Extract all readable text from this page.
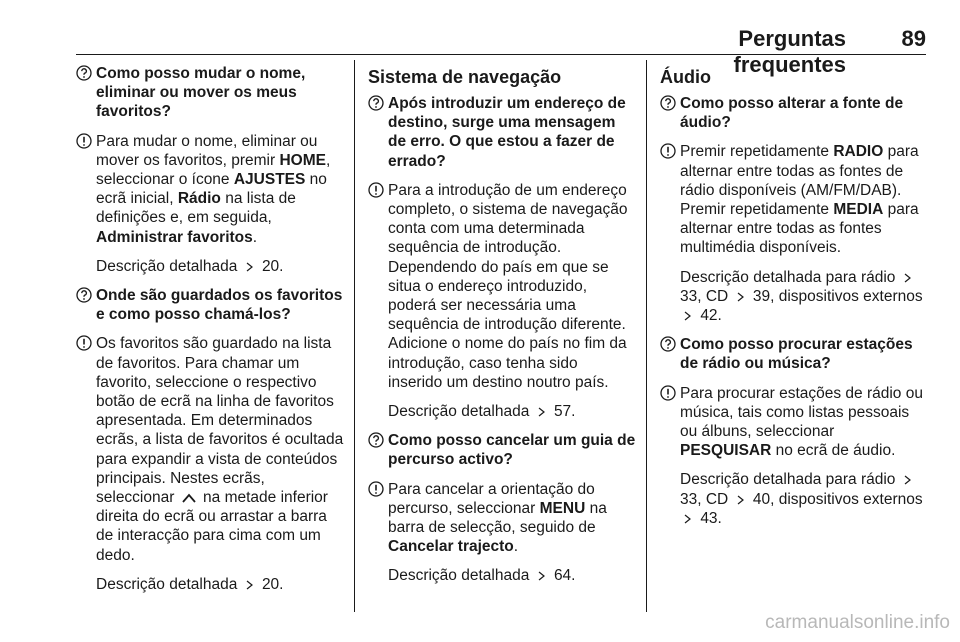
Perguntas frequentes
89
Como posso mudar o nome, eliminar ou mover os meus favoritos?
Para mudar o nome, eliminar ou mover os favoritos, premir HOME, seleccionar o ícone AJUSTES no ecrã inicial, Rádio na lista de definições e, em seguida, Administrar favoritos.
Descrição detalhada  20.
Onde são guardados os favoritos e como posso chamá-los?
Os favoritos são guardado na lista de favoritos. Para chamar um favorito, seleccione o respectivo botão de ecrã na linha de favoritos apresentada. Em determinados ecrãs, a lista de favoritos é ocultada para expandir a vista de conteúdos principais. Nestes ecrãs, seleccionar  na metade inferior direita do ecrã ou arrastar a barra de interacção para cima com um dedo.
Descrição detalhada  20.
Sistema de navegação
Após introduzir um endereço de destino, surge uma mensagem de erro. O que estou a fazer de errado?
Para a introdução de um endereço completo, o sistema de navegação conta com uma determinada sequência de introdução. Dependendo do país em que se situa o endereço introduzido, poderá ser necessária uma sequência de introdução diferente. Adicione o nome do país no fim da introdução, caso tenha sido inserido um destino noutro país.
Descrição detalhada  57.
Como posso cancelar um guia de percurso activo?
Para cancelar a orientação do percurso, seleccionar MENU na barra de selecção, seguido de Cancelar trajecto.
Descrição detalhada  64.
Áudio
Como posso alterar a fonte de áudio?
Premir repetidamente RADIO para alternar entre todas as fontes de rádio disponíveis (AM/FM/DAB). Premir repetidamente MEDIA para alternar entre todas as fontes multimédia disponíveis.
Descrição detalhada para rádio  33, CD  39, dispositivos externos  42.
Como posso procurar estações de rádio ou música?
Para procurar estações de rádio ou música, tais como listas pessoais ou álbuns, seleccionar PESQUISAR no ecrã de áudio.
Descrição detalhada para rádio  33, CD  40, dispositivos externos  43.
carmanualsonline.info
